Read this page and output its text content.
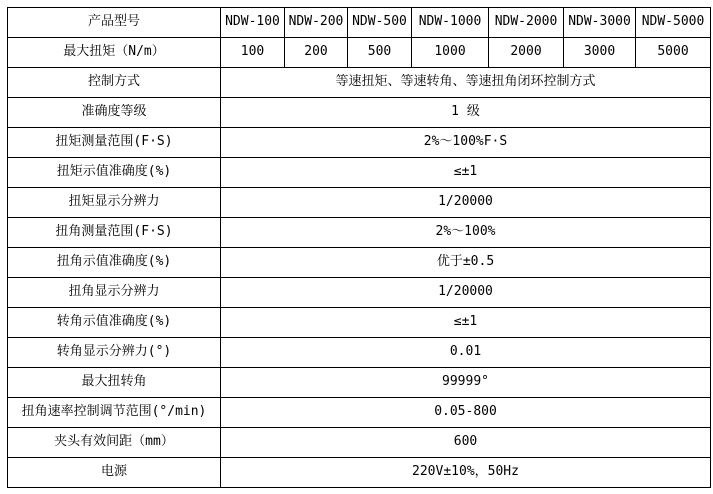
产品型号	NDW-100	NDW-200	NDW-500	NDW-1000	NDW-2000	NDW-3000	NDW-5000
最大扭矩（N/m）	100	200	500	1000	2000	3000	5000
控制方式	等速扭矩、等速转角、等速扭角闭环控制方式						
准确度等级	1 级						
扭矩测量范围(F·S)	2%～100%F·S						
扭矩示值准确度(%)	≤±1						
扭矩显示分辨力	1/20000						
扭角测量范围(F·S)	2%～100%						
扭角示值准确度(%)	优于±0.5						
扭角显示分辨力	1/20000						
转角示值准确度(%)	≤±1						
转角显示分辨力(°)	0.01						
最大扭转角	99999°						
扭角速率控制调节范围(°/min)	0.05-800						
夹头有效间距（mm）	600						
电源	220V±10%，50Hz						
